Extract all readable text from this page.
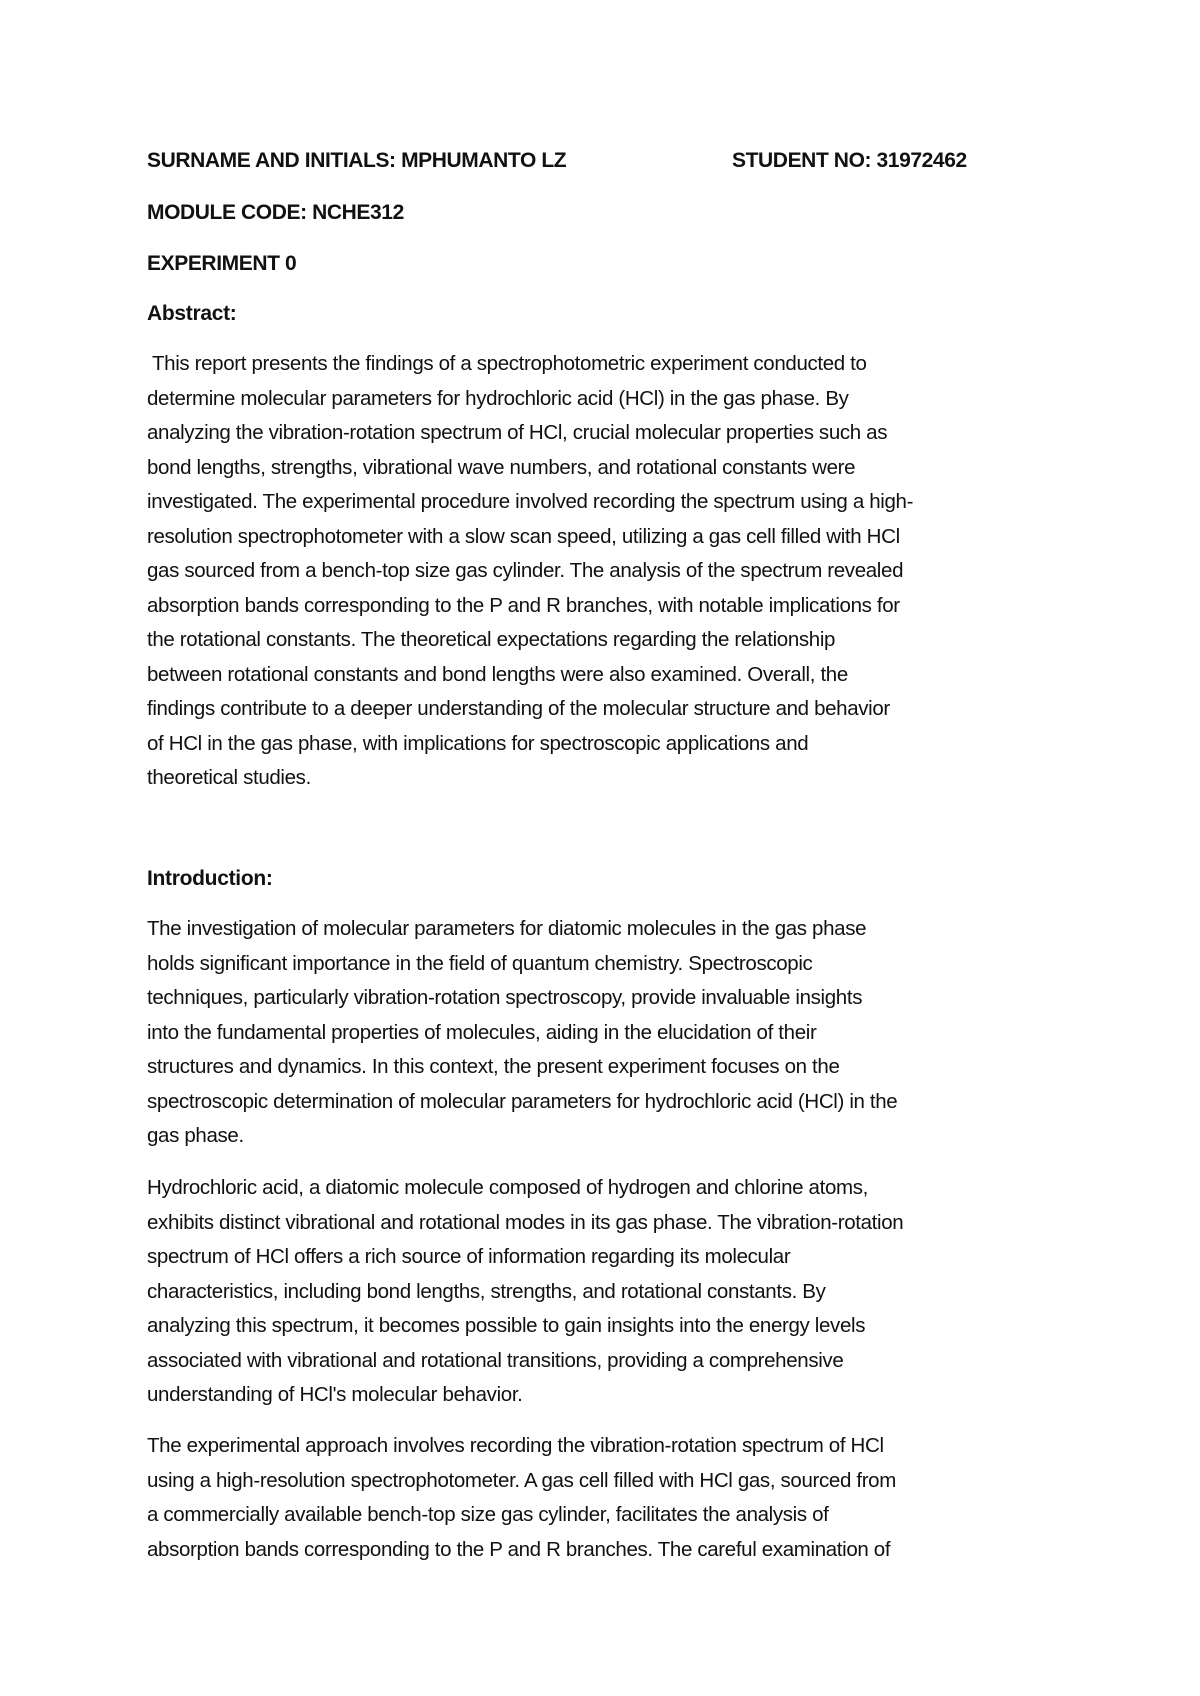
SURNAME AND INITIALS: MPHUMANTO LZ	STUDENT NO: 31972462
MODULE CODE: NCHE312
EXPERIMENT 0
Abstract:
This report presents the findings of a spectrophotometric experiment conducted to
determine molecular parameters for hydrochloric acid (HCl) in the gas phase. By
analyzing the vibration-rotation spectrum of HCl, crucial molecular properties such as
bond lengths, strengths, vibrational wave numbers, and rotational constants were
investigated. The experimental procedure involved recording the spectrum using a high-
resolution spectrophotometer with a slow scan speed, utilizing a gas cell filled with HCl
gas sourced from a bench-top size gas cylinder. The analysis of the spectrum revealed
absorption bands corresponding to the P and R branches, with notable implications for
the rotational constants. The theoretical expectations regarding the relationship
between rotational constants and bond lengths were also examined. Overall, the
findings contribute to a deeper understanding of the molecular structure and behavior
of HCl in the gas phase, with implications for spectroscopic applications and
theoretical studies.
Introduction:
The investigation of molecular parameters for diatomic molecules in the gas phase
holds significant importance in the field of quantum chemistry. Spectroscopic
techniques, particularly vibration-rotation spectroscopy, provide invaluable insights
into the fundamental properties of molecules, aiding in the elucidation of their
structures and dynamics. In this context, the present experiment focuses on the
spectroscopic determination of molecular parameters for hydrochloric acid (HCl) in the
gas phase.
Hydrochloric acid, a diatomic molecule composed of hydrogen and chlorine atoms,
exhibits distinct vibrational and rotational modes in its gas phase. The vibration-rotation
spectrum of HCl offers a rich source of information regarding its molecular
characteristics, including bond lengths, strengths, and rotational constants. By
analyzing this spectrum, it becomes possible to gain insights into the energy levels
associated with vibrational and rotational transitions, providing a comprehensive
understanding of HCl's molecular behavior.
The experimental approach involves recording the vibration-rotation spectrum of HCl
using a high-resolution spectrophotometer. A gas cell filled with HCl gas, sourced from
a commercially available bench-top size gas cylinder, facilitates the analysis of
absorption bands corresponding to the P and R branches. The careful examination of
